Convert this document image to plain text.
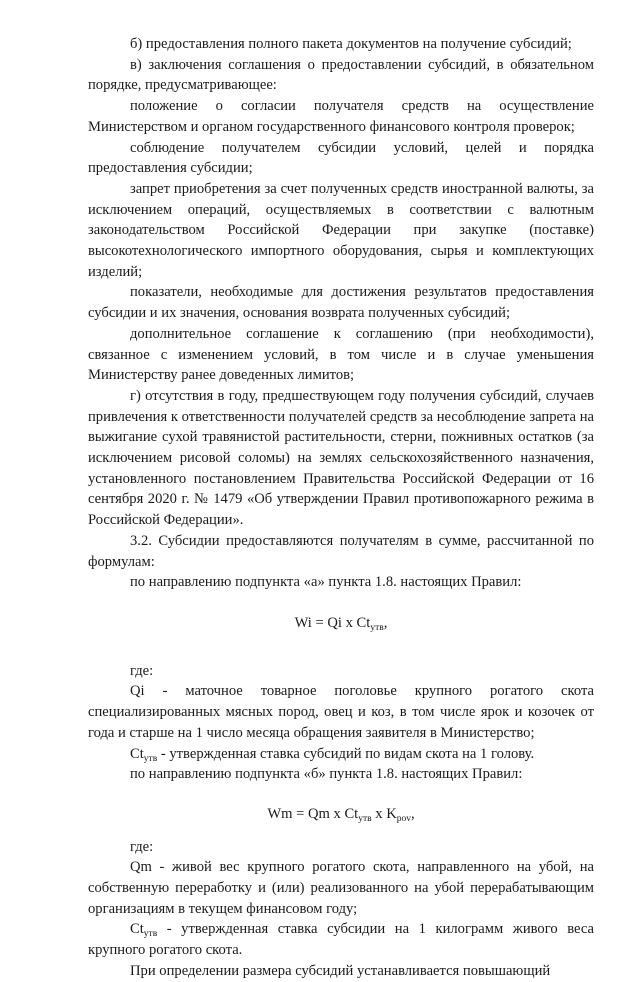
б) предоставления полного пакета документов на получение субсидий;

в) заключения соглашения о предоставлении субсидий, в обязательном порядке, предусматривающее:

положение о согласии получателя средств на осуществление Министерством и органом государственного финансового контроля проверок;

соблюдение получателем субсидии условий, целей и порядка предоставления субсидии;

запрет приобретения за счет полученных средств иностранной валюты, за исключением операций, осуществляемых в соответствии с валютным законодательством Российской Федерации при закупке (поставке) высокотехнологического импортного оборудования, сырья и комплектующих изделий;

показатели, необходимые для достижения результатов предоставления субсидии и их значения, основания возврата полученных субсидий;

дополнительное соглашение к соглашению (при необходимости), связанное с изменением условий, в том числе и в случае уменьшения Министерству ранее доведенных лимитов;

г) отсутствия в году, предшествующем году получения субсидий, случаев привлечения к ответственности получателей средств за несоблюдение запрета на выжигание сухой травянистой растительности, стерни, пожнивных остатков (за исключением рисовой соломы) на землях сельскохозяйственного назначения, установленного постановлением Правительства Российской Федерации от 16 сентября 2020 г. № 1479 «Об утверждении Правил противопожарного режима в Российской Федерации».

3.2. Субсидии предоставляются получателям в сумме, рассчитанной по формулам:

по направлению подпункта «а» пункта 1.8. настоящих Правил:

Wi = Qi x $Ct_{утв}$,

где:

Qi - маточное товарное поголовье крупного рогатого скота специализированных мясных пород, овец и коз, в том числе ярок и козочек от года и старше на 1 число месяца обращения заявителя в Министерство;

$Ct_{утв}$ - утвержденная ставка субсидий по видам скота на 1 голову.

по направлению подпункта «б» пункта 1.8. настоящих Правил:

Wm = Qm x $Ct_{утв}$ x $K_{pov}$,

где:

Qm - живой вес крупного рогатого скота, направленного на убой, на собственную переработку и (или) реализованного на убой перерабатывающим организациям в текущем финансовом году;

$Ct_{утв}$ - утвержденная ставка субсидии на 1 килограмм живого веса крупного рогатого скота.

При определении размера субсидий устанавливается повышающий
